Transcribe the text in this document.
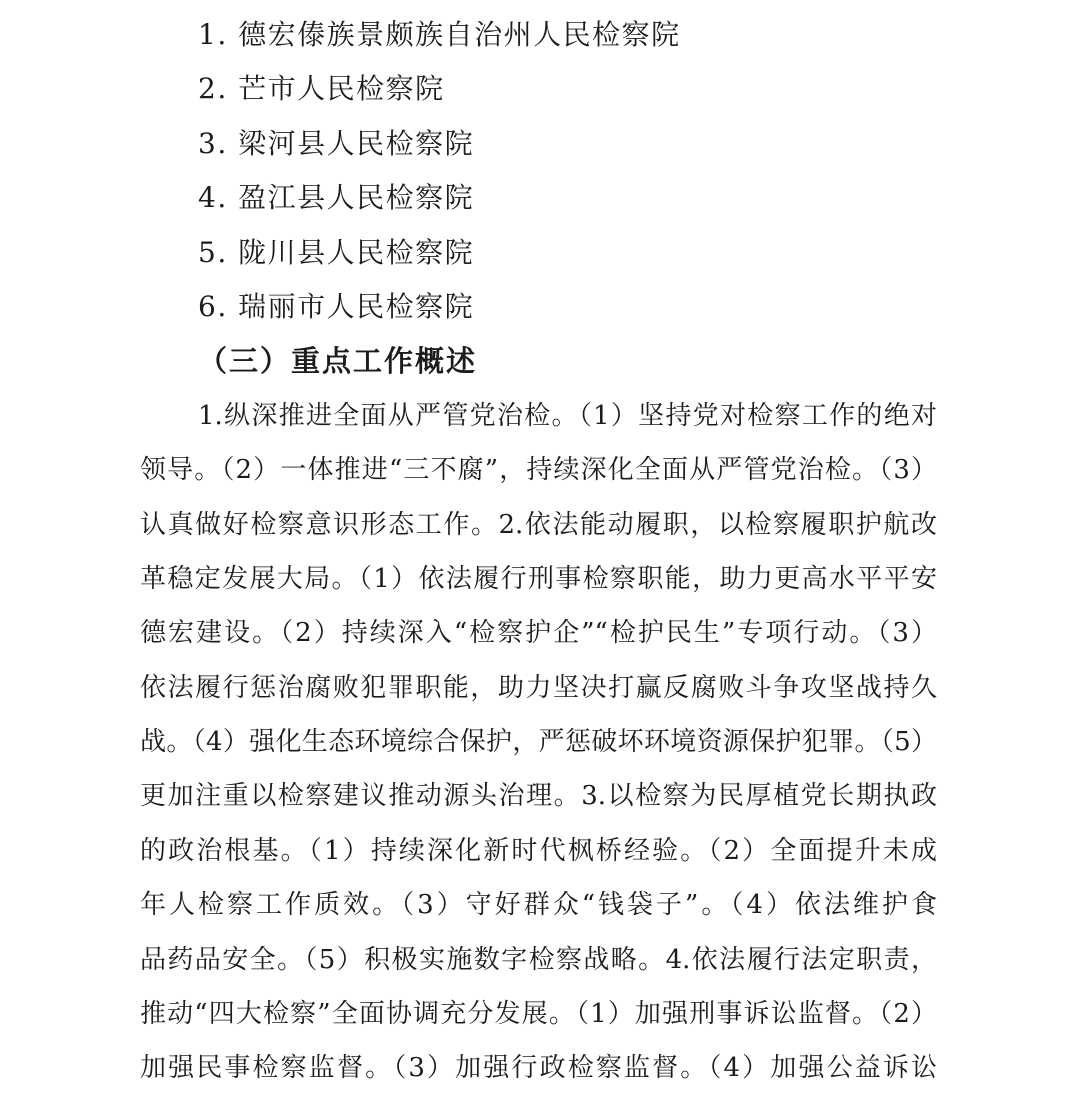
1. 德宏傣族景颇族自治州人民检察院
2. 芒市人民检察院
3. 梁河县人民检察院
4. 盈江县人民检察院
5. 陇川县人民检察院
6. 瑞丽市人民检察院
（三）重点工作概述
1.纵深推进全面从严管党治检。（1）坚持党对检察工作的绝对
领导。（2）一体推进“三不腐”，持续深化全面从严管党治检。（3）
认真做好检察意识形态工作。2.依法能动履职，以检察履职护航改
革稳定发展大局。（1）依法履行刑事检察职能，助力更高水平平安
德宏建设。（2）持续深入“检察护企”“检护民生”专项行动。（3）
依法履行惩治腐败犯罪职能，助力坚决打赢反腐败斗争攻坚战持久
战。（4）强化生态环境综合保护，严惩破坏环境资源保护犯罪。（5）
更加注重以检察建议推动源头治理。3.以检察为民厚植党长期执政
的政治根基。（1）持续深化新时代枫桥经验。（2）全面提升未成
年人检察工作质效。（3）守好群众“钱袋子”。（4）依法维护食
品药品安全。（5）积极实施数字检察战略。4.依法履行法定职责，
推动“四大检察”全面协调充分发展。（1）加强刑事诉讼监督。（2）
加强民事检察监督。（3）加强行政检察监督。（4）加强公益诉讼
